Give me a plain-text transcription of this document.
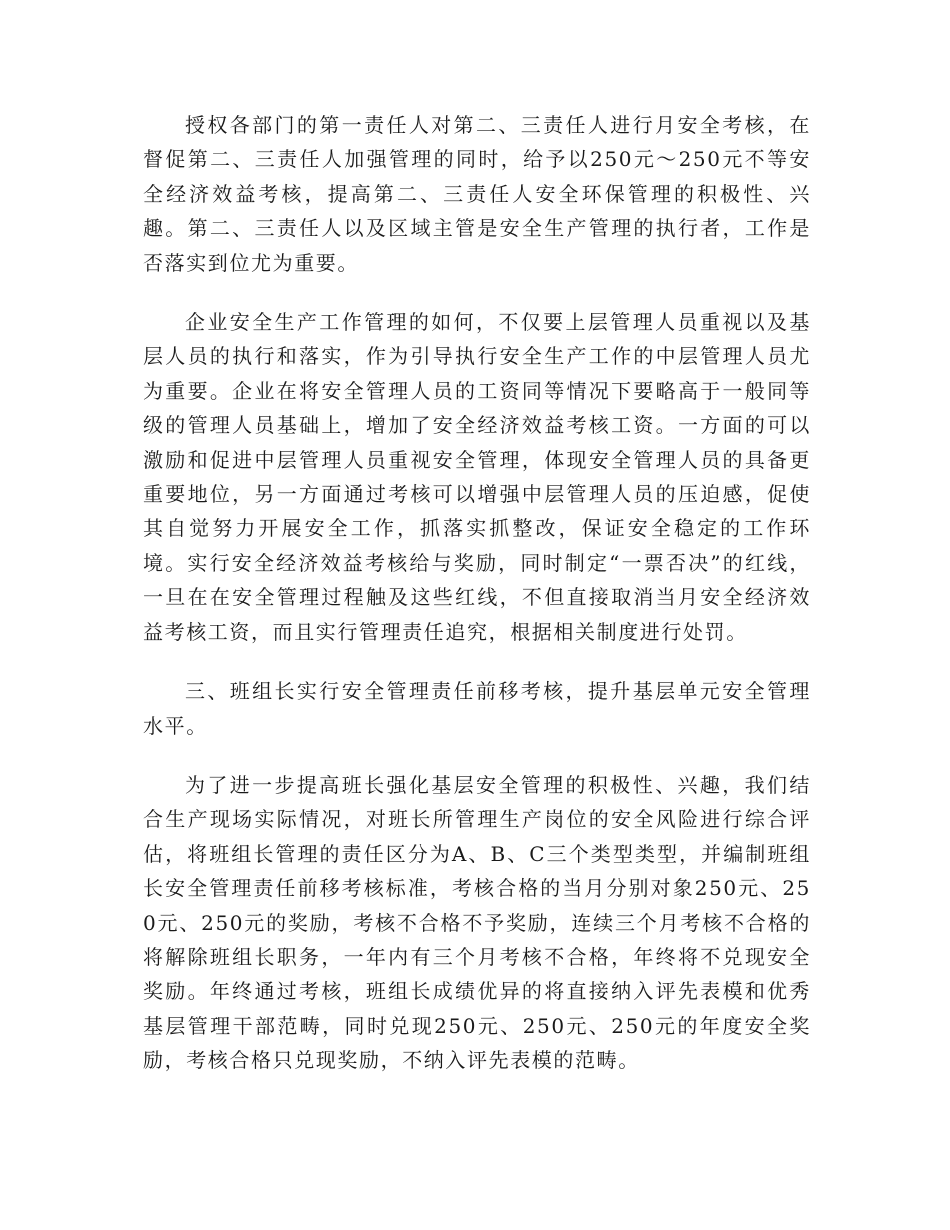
授权各部门的第一责任人对第二、三责任人进行月安全考核，在督促第二、三责任人加强管理的同时，给予以250元～250元不等安全经济效益考核，提高第二、三责任人安全环保管理的积极性、兴趣。第二、三责任人以及区域主管是安全生产管理的执行者，工作是否落实到位尤为重要。

企业安全生产工作管理的如何，不仅要上层管理人员重视以及基层人员的执行和落实，作为引导执行安全生产工作的中层管理人员尤为重要。企业在将安全管理人员的工资同等情况下要略高于一般同等级的管理人员基础上，增加了安全经济效益考核工资。一方面的可以激励和促进中层管理人员重视安全管理，体现安全管理人员的具备更重要地位，另一方面通过考核可以增强中层管理人员的压迫感，促使其自觉努力开展安全工作，抓落实抓整改，保证安全稳定的工作环境。实行安全经济效益考核给与奖励，同时制定“一票否决”的红线，一旦在在安全管理过程触及这些红线，不但直接取消当月安全经济效益考核工资，而且实行管理责任追究，根据相关制度进行处罚。

三、班组长实行安全管理责任前移考核，提升基层单元安全管理水平。

为了进一步提高班长强化基层安全管理的积极性、兴趣，我们结合生产现场实际情况，对班长所管理生产岗位的安全风险进行综合评估，将班组长管理的责任区分为A、B、C三个类型类型，并编制班组长安全管理责任前移考核标准，考核合格的当月分别对象250元、250元、250元的奖励，考核不合格不予奖励，连续三个月考核不合格的将解除班组长职务，一年内有三个月考核不合格，年终将不兑现安全奖励。年终通过考核，班组长成绩优异的将直接纳入评先表模和优秀基层管理干部范畴，同时兑现250元、250元、250元的年度安全奖励，考核合格只兑现奖励，不纳入评先表模的范畴。
